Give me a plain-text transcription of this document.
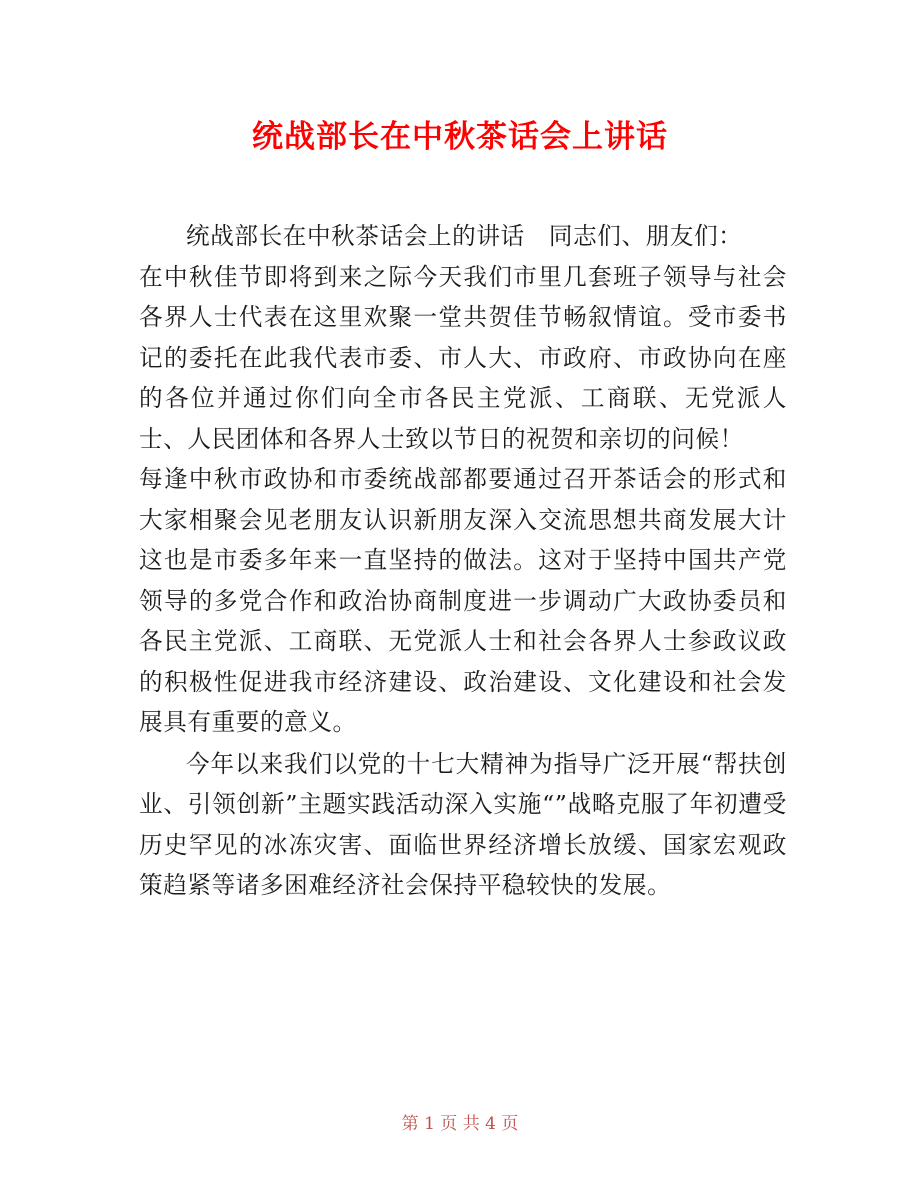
统战部长在中秋茶话会上讲话

统战部长在中秋茶话会上的讲话　同志们、朋友们：

在中秋佳节即将到来之际今天我们市里几套班子领导与社会各界人士代表在这里欢聚一堂共贺佳节畅叙情谊。受市委书记的委托在此我代表市委、市人大、市政府、市政协向在座的各位并通过你们向全市各民主党派、工商联、无党派人士、人民团体和各界人士致以节日的祝贺和亲切的问候！

每逢中秋市政协和市委统战部都要通过召开茶话会的形式和大家相聚会见老朋友认识新朋友深入交流思想共商发展大计这也是市委多年来一直坚持的做法。这对于坚持中国共产党领导的多党合作和政治协商制度进一步调动广大政协委员和各民主党派、工商联、无党派人士和社会各界人士参政议政的积极性促进我市经济建设、政治建设、文化建设和社会发展具有重要的意义。

今年以来我们以党的十七大精神为指导广泛开展“帮扶创业、引领创新”主题实践活动深入实施“”战略克服了年初遭受历史罕见的冰冻灾害、面临世界经济增长放缓、国家宏观政策趋紧等诸多困难经济社会保持平稳较快的发展。

第 1 页 共 4 页
